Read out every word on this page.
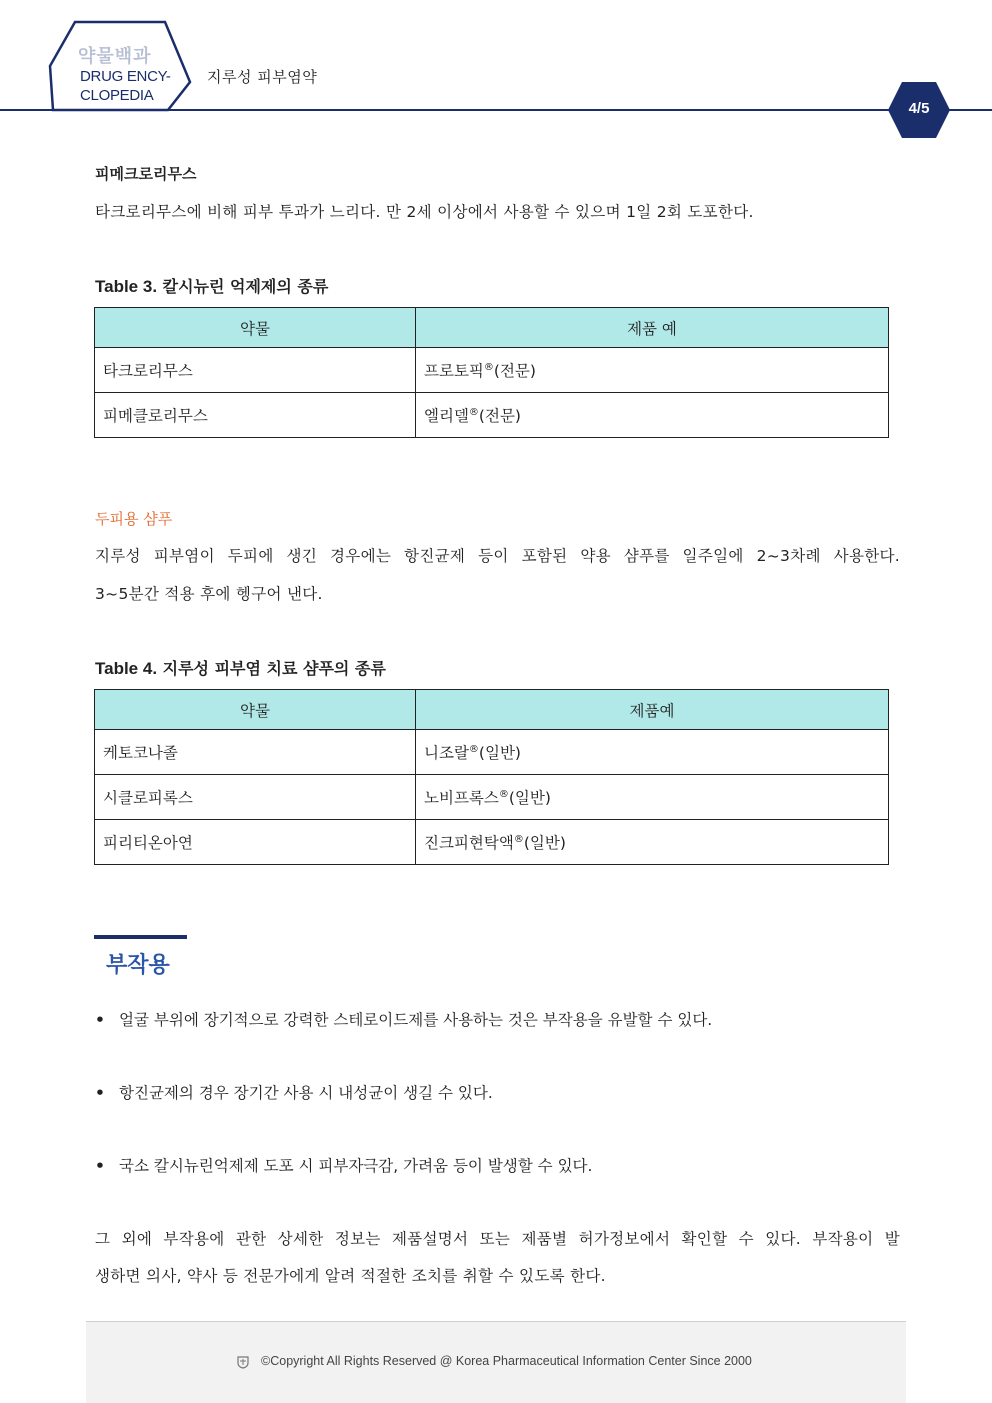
약물백과
DRUG ENCY-
CLOPEDIA
지루성 피부염약
4/5
피메크로리무스
타크로리무스에 비해 피부 투과가 느리다. 만 2세 이상에서 사용할 수 있으며 1일 2회 도포한다.
Table 3. 칼시뉴린 억제제의 종류
약물	제품 예
타크로리무스	프로토픽®(전문)
피메클로리무스	엘리델®(전문)
두피용 샴푸
지루성 피부염이 두피에 생긴 경우에는 항진균제 등이 포함된 약용 샴푸를 일주일에 2~3차례 사용한다.
3~5분간 적용 후에 헹구어 낸다.
Table 4. 지루성 피부염 치료 샴푸의 종류
약물	제품예
케토코나졸	니조랄®(일반)
시클로피록스	노비프록스®(일반)
피리티온아연	진크피현탁액®(일반)
부작용
• 얼굴 부위에 장기적으로 강력한 스테로이드제를 사용하는 것은 부작용을 유발할 수 있다.
• 항진균제의 경우 장기간 사용 시 내성균이 생길 수 있다.
• 국소 칼시뉴린억제제 도포 시 피부자극감, 가려움 등이 발생할 수 있다.
그 외에 부작용에 관한 상세한 정보는 제품설명서 또는 제품별 허가정보에서 확인할 수 있다. 부작용이 발
생하면 의사, 약사 등 전문가에게 알려 적절한 조치를 취할 수 있도록 한다.
©Copyright All Rights Reserved @ Korea Pharmaceutical Information Center Since 2000
